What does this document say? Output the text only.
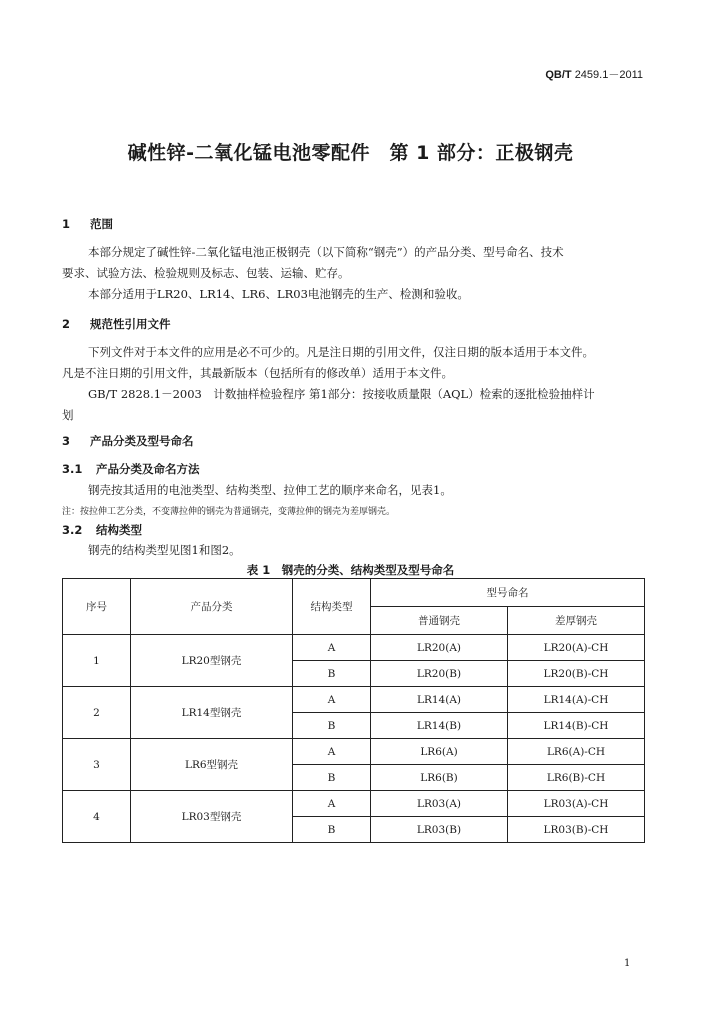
QB/T 2459.1－2011
碱性锌-二氧化锰电池零配件　第 1 部分：正极钢壳
1 范围
本部分规定了碱性锌-二氧化锰电池正极钢壳（以下简称“钢壳”）的产品分类、型号命名、技术
要求、试验方法、检验规则及标志、包装、运输、贮存。
本部分适用于LR20、LR14、LR6、LR03电池钢壳的生产、检测和验收。
2 规范性引用文件
下列文件对于本文件的应用是必不可少的。凡是注日期的引用文件，仅注日期的版本适用于本文件。
凡是不注日期的引用文件，其最新版本（包括所有的修改单）适用于本文件。
GB/T 2828.1－2003　计数抽样检验程序 第1部分：按接收质量限（AQL）检索的逐批检验抽样计
划
3 产品分类及型号命名
3.1 产品分类及命名方法
钢壳按其适用的电池类型、结构类型、拉伸工艺的顺序来命名，见表1。
注：按拉伸工艺分类，不变薄拉伸的钢壳为普通钢壳，变薄拉伸的钢壳为差厚钢壳。
3.2 结构类型
钢壳的结构类型见图1和图2。
表 1　钢壳的分类、结构类型及型号命名
序号	产品分类	结构类型	型号命名	
			普通钢壳	差厚钢壳
1	LR20型钢壳	A	LR20(A)	LR20(A)-CH
		B	LR20(B)	LR20(B)-CH
2	LR14型钢壳	A	LR14(A)	LR14(A)-CH
		B	LR14(B)	LR14(B)-CH
3	LR6型钢壳	A	LR6(A)	LR6(A)-CH
		B	LR6(B)	LR6(B)-CH
4	LR03型钢壳	A	LR03(A)	LR03(A)-CH
		B	LR03(B)	LR03(B)-CH
1
